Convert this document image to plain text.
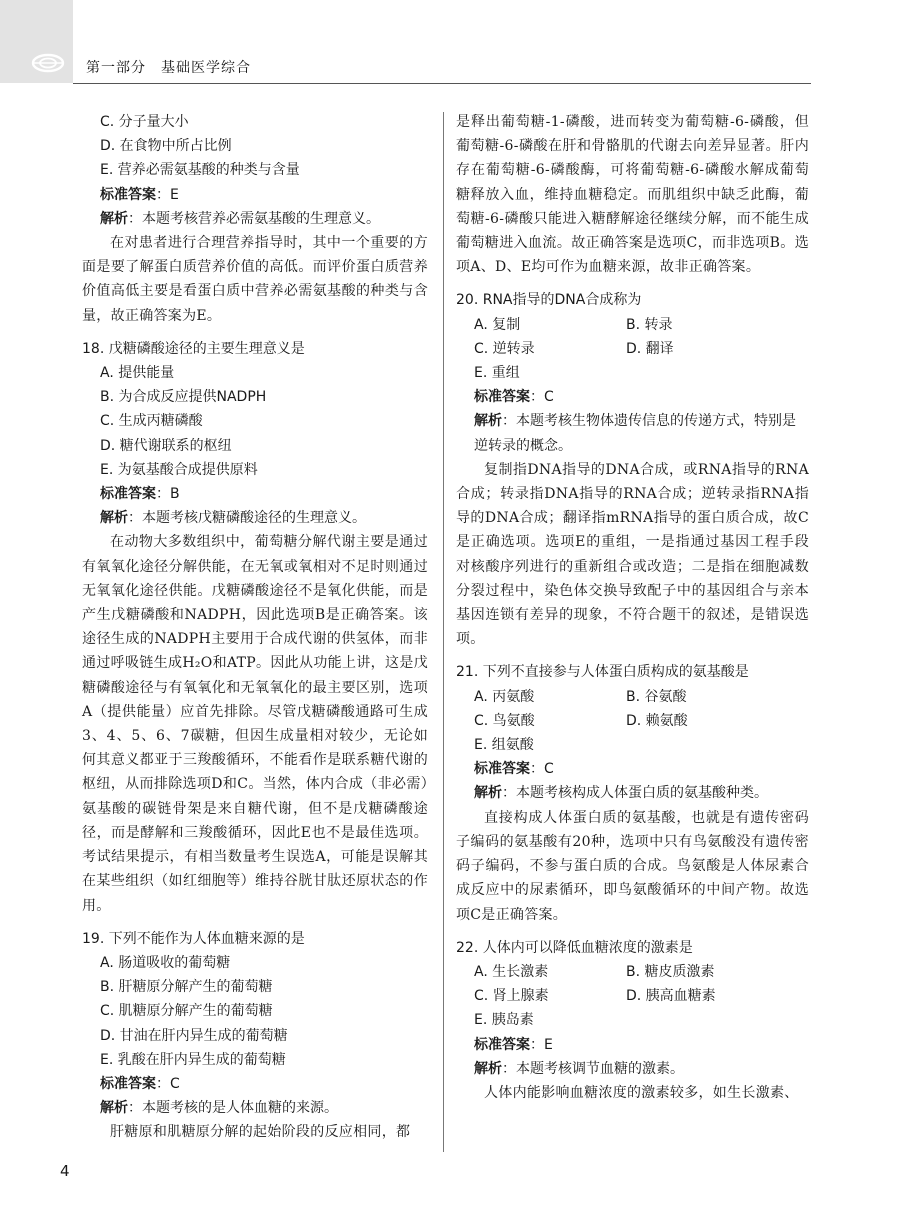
第一部分　基础医学综合
C. 分子量大小
D. 在食物中所占比例
E. 营养必需氨基酸的种类与含量
标准答案：E
解析：本题考核营养必需氨基酸的生理意义。
在对患者进行合理营养指导时，其中一个重要的方面是要了解蛋白质营养价值的高低。而评价蛋白质营养价值高低主要是看蛋白质中营养必需氨基酸的种类与含量，故正确答案为E。
18. 戊糖磷酸途径的主要生理意义是
A. 提供能量
B. 为合成反应提供NADPH
C. 生成丙糖磷酸
D. 糖代谢联系的枢纽
E. 为氨基酸合成提供原料
标准答案：B
解析：本题考核戊糖磷酸途径的生理意义。
在动物大多数组织中，葡萄糖分解代谢主要是通过有氧氧化途径分解供能，在无氧或氧相对不足时则通过无氧氧化途径供能。戊糖磷酸途径不是氧化供能，而是产生戊糖磷酸和NADPH，因此选项B是正确答案。该途径生成的NADPH主要用于合成代谢的供氢体，而非通过呼吸链生成H₂O和ATP。因此从功能上讲，这是戊糖磷酸途径与有氧氧化和无氧氧化的最主要区别，选项A（提供能量）应首先排除。尽管戊糖磷酸通路可生成3、4、5、6、7碳糖，但因生成量相对较少，无论如何其意义都亚于三羧酸循环，不能看作是联系糖代谢的枢纽，从而排除选项D和C。当然，体内合成（非必需）氨基酸的碳链骨架是来自糖代谢，但不是戊糖磷酸途径，而是酵解和三羧酸循环，因此E也不是最佳选项。考试结果提示，有相当数量考生误选A，可能是误解其在某些组织（如红细胞等）维持谷胱甘肽还原状态的作用。
19. 下列不能作为人体血糖来源的是
A. 肠道吸收的葡萄糖
B. 肝糖原分解产生的葡萄糖
C. 肌糖原分解产生的葡萄糖
D. 甘油在肝内异生成的葡萄糖
E. 乳酸在肝内异生成的葡萄糖
标准答案：C
解析：本题考核的是人体血糖的来源。
肝糖原和肌糖原分解的起始阶段的反应相同，都
是释出葡萄糖-1-磷酸，进而转变为葡萄糖-6-磷酸，但葡萄糖-6-磷酸在肝和骨骼肌的代谢去向差异显著。肝内存在葡萄糖-6-磷酸酶，可将葡萄糖-6-磷酸水解成葡萄糖释放入血，维持血糖稳定。而肌组织中缺乏此酶，葡萄糖-6-磷酸只能进入糖酵解途径继续分解，而不能生成葡萄糖进入血流。故正确答案是选项C，而非选项B。选项A、D、E均可作为血糖来源，故非正确答案。
20. RNA指导的DNA合成称为
A. 复制	B. 转录
C. 逆转录	D. 翻译
E. 重组
标准答案：C
解析：本题考核生物体遗传信息的传递方式，特别是逆转录的概念。
复制指DNA指导的DNA合成，或RNA指导的RNA合成；转录指DNA指导的RNA合成；逆转录指RNA指导的DNA合成；翻译指mRNA指导的蛋白质合成，故C是正确选项。选项E的重组，一是指通过基因工程手段对核酸序列进行的重新组合或改造；二是指在细胞减数分裂过程中，染色体交换导致配子中的基因组合与亲本基因连锁有差异的现象，不符合题干的叙述，是错误选项。
21. 下列不直接参与人体蛋白质构成的氨基酸是
A. 丙氨酸	B. 谷氨酸
C. 鸟氨酸	D. 赖氨酸
E. 组氨酸
标准答案：C
解析：本题考核构成人体蛋白质的氨基酸种类。
直接构成人体蛋白质的氨基酸，也就是有遗传密码子编码的氨基酸有20种，选项中只有鸟氨酸没有遗传密码子编码，不参与蛋白质的合成。鸟氨酸是人体尿素合成反应中的尿素循环，即鸟氨酸循环的中间产物。故选项C是正确答案。
22. 人体内可以降低血糖浓度的激素是
A. 生长激素	B. 糖皮质激素
C. 肾上腺素	D. 胰高血糖素
E. 胰岛素
标准答案：E
解析：本题考核调节血糖的激素。
人体内能影响血糖浓度的激素较多，如生长激素、
4
